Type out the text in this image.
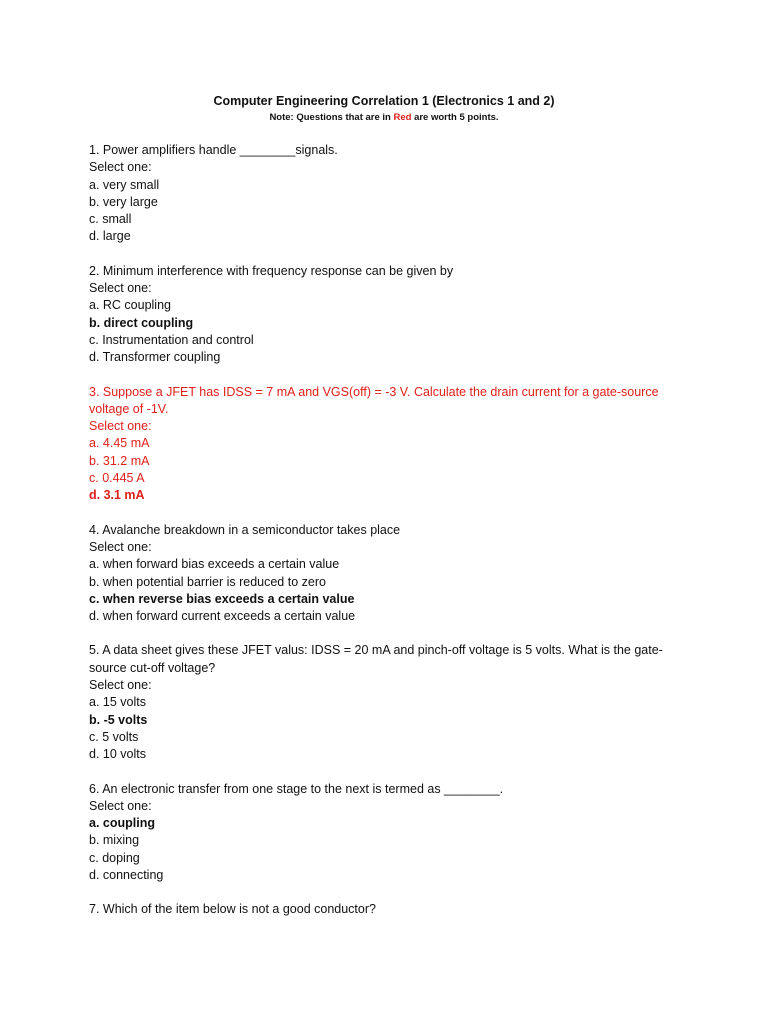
Computer Engineering Correlation 1 (Electronics 1 and 2)
Note: Questions that are in Red are worth 5 points.
1. Power amplifiers handle ________signals.
Select one:
a. very small
b. very large
c. small
d. large
2. Minimum interference with frequency response can be given by
Select one:
a. RC coupling
b. direct coupling
c. Instrumentation and control
d. Transformer coupling
3. Suppose a JFET has IDSS = 7 mA and VGS(off) = -3 V. Calculate the drain current for a gate-source voltage of -1V.
Select one:
a. 4.45 mA
b. 31.2 mA
c. 0.445 A
d. 3.1 mA
4. Avalanche breakdown in a semiconductor takes place
Select one:
a. when forward bias exceeds a certain value
b. when potential barrier is reduced to zero
c. when reverse bias exceeds a certain value
d. when forward current exceeds a certain value
5. A data sheet gives these JFET valus: IDSS = 20 mA and pinch-off voltage is 5 volts. What is the gate-source cut-off voltage?
Select one:
a. 15 volts
b. -5 volts
c. 5 volts
d. 10 volts
6. An electronic transfer from one stage to the next is termed as ________.
Select one:
a. coupling
b. mixing
c. doping
d. connecting
7. Which of the item below is not a good conductor?
